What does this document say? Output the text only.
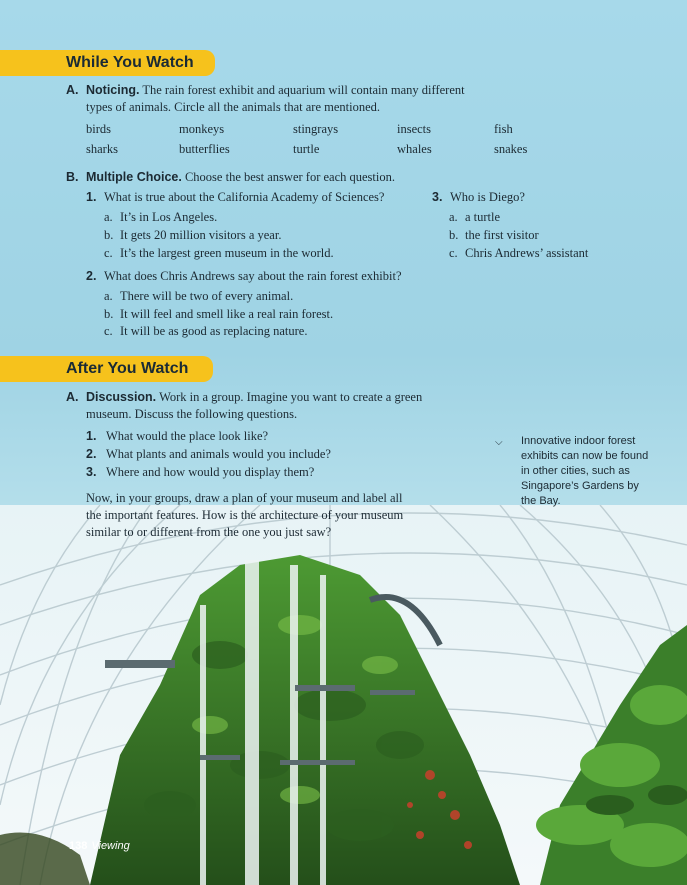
While You Watch
A. Noticing. The rain forest exhibit and aquarium will contain many different
types of animals. Circle all the animals that are mentioned.
birds	monkeys	stingrays	insects	fish
sharks	butterflies	turtle	whales	snakes
B. Multiple Choice. Choose the best answer for each question.
1. What is true about the California Academy of Sciences?
a. It’s in Los Angeles.
b. It gets 20 million visitors a year.
c. It’s the largest green museum in the world.
2. What does Chris Andrews say about the rain forest exhibit?
a. There will be two of every animal.
b. It will feel and smell like a real rain forest.
c. It will be as good as replacing nature.
3. Who is Diego?
a. a turtle
b. the first visitor
c. Chris Andrews’ assistant
After You Watch
A. Discussion. Work in a group. Imagine you want to create a green
museum. Discuss the following questions.
1. What would the place look like?
2. What plants and animals would you include?
3. Where and how would you display them?
Now, in your groups, draw a plan of your museum and label all
the important features. How is the architecture of your museum
similar to or different from the one you just saw?
⌵ Innovative indoor forest
exhibits can now be found
in other cities, such as
Singapore’s Gardens by
the Bay.
138 Viewing
